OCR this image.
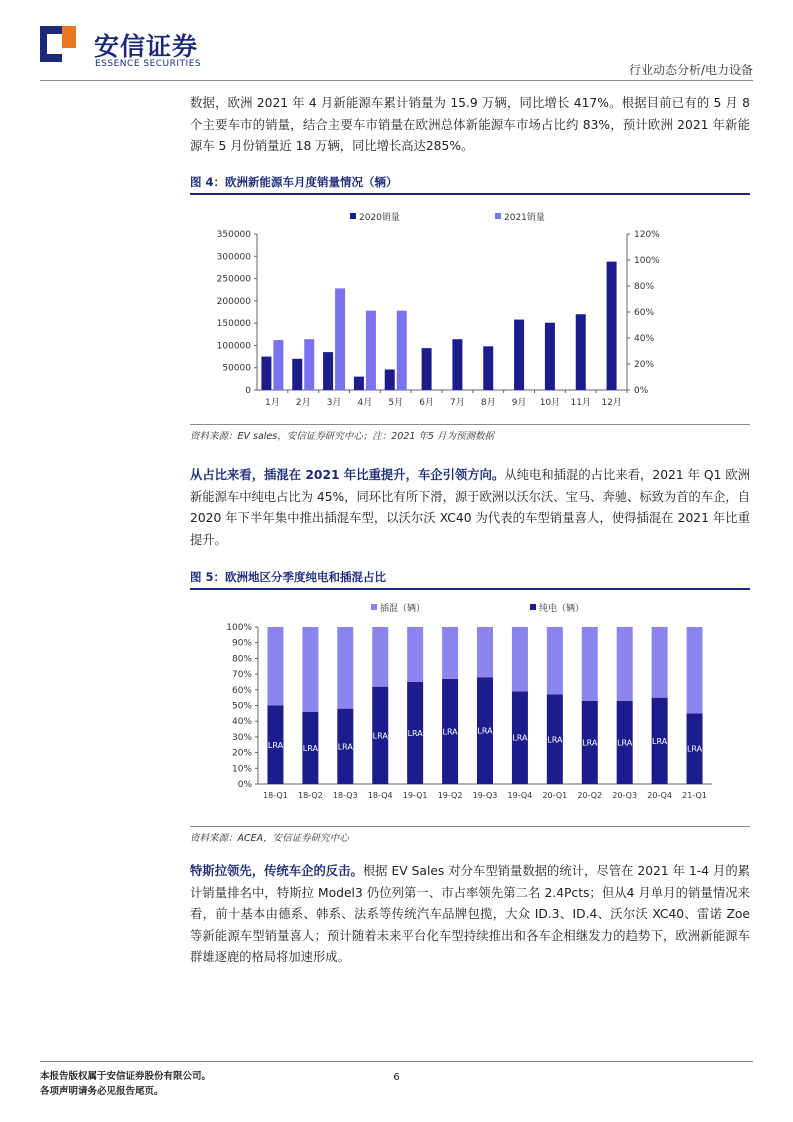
安信证券
ESSENCE SECURITIES	行业动态分析/电力设备
数据，欧洲 2021 年 4 月新能源车累计销量为 15.9 万辆，同比增长 417%。根据目前已有的 5 月 8 个主要车市的销量，结合主要车市销量在欧洲总体新能源车市场占比约 83%，预计欧洲 2021 年新能源车 5 月份销量近 18 万辆，同比增长高达285%。
图 4：欧洲新能源车月度销量情况（辆）
2020销量	2021销量
350000
300000
250000
200000
150000
100000
50000
0
120%
100%
80%
60%
40%
20%
0%
1月 2月 3月 4月 5月 6月 7月 8月 9月 10月 11月 12月
资料来源：EV sales，安信证券研究中心；注：2021 年5 月为预测数据
从占比来看，插混在 2021 年比重提升，车企引领方向。从纯电和插混的占比来看，2021 年 Q1 欧洲新能源车中纯电占比为 45%，同环比有所下滑，源于欧洲以沃尔沃、宝马、奔驰、标致为首的车企，自 2020 年下半年集中推出插混车型，以沃尔沃 XC40 为代表的车型销量喜人，使得插混在 2021 年比重提升。
图 5：欧洲地区分季度纯电和插混占比
插混（辆）	纯电（辆）
100%
90%
80%
70%
60%
50%
40%
30%
20%
10%
0%
LRA
18-Q1
LRA
18-Q2
LRA
18-Q3
LRA
18-Q4
LRA
19-Q1
LRA
19-Q2
LRA
19-Q3
LRA
19-Q4
LRA
20-Q1
LRA
20-Q2
LRA
20-Q3
LRA
20-Q4
LRA
21-Q1
资料来源：ACEA，安信证券研究中心
特斯拉领先，传统车企的反击。根据 EV Sales 对分车型销量数据的统计，尽管在 2021 年 1-4 月的累计销量排名中，特斯拉 Model3 仍位列第一、市占率领先第二名 2.4Pcts；但从4 月单月的销量情况来看，前十基本由德系、韩系、法系等传统汽车品牌包揽，大众 ID.3、ID.4、沃尔沃 XC40、雷诺 Zoe 等新能源车型销量喜人；预计随着未来平台化车型持续推出和各车企相继发力的趋势下，欧洲新能源车群雄逐鹿的格局将加速形成。
本报告版权属于安信证券股份有限公司。
各项声明请务必见报告尾页。
6
